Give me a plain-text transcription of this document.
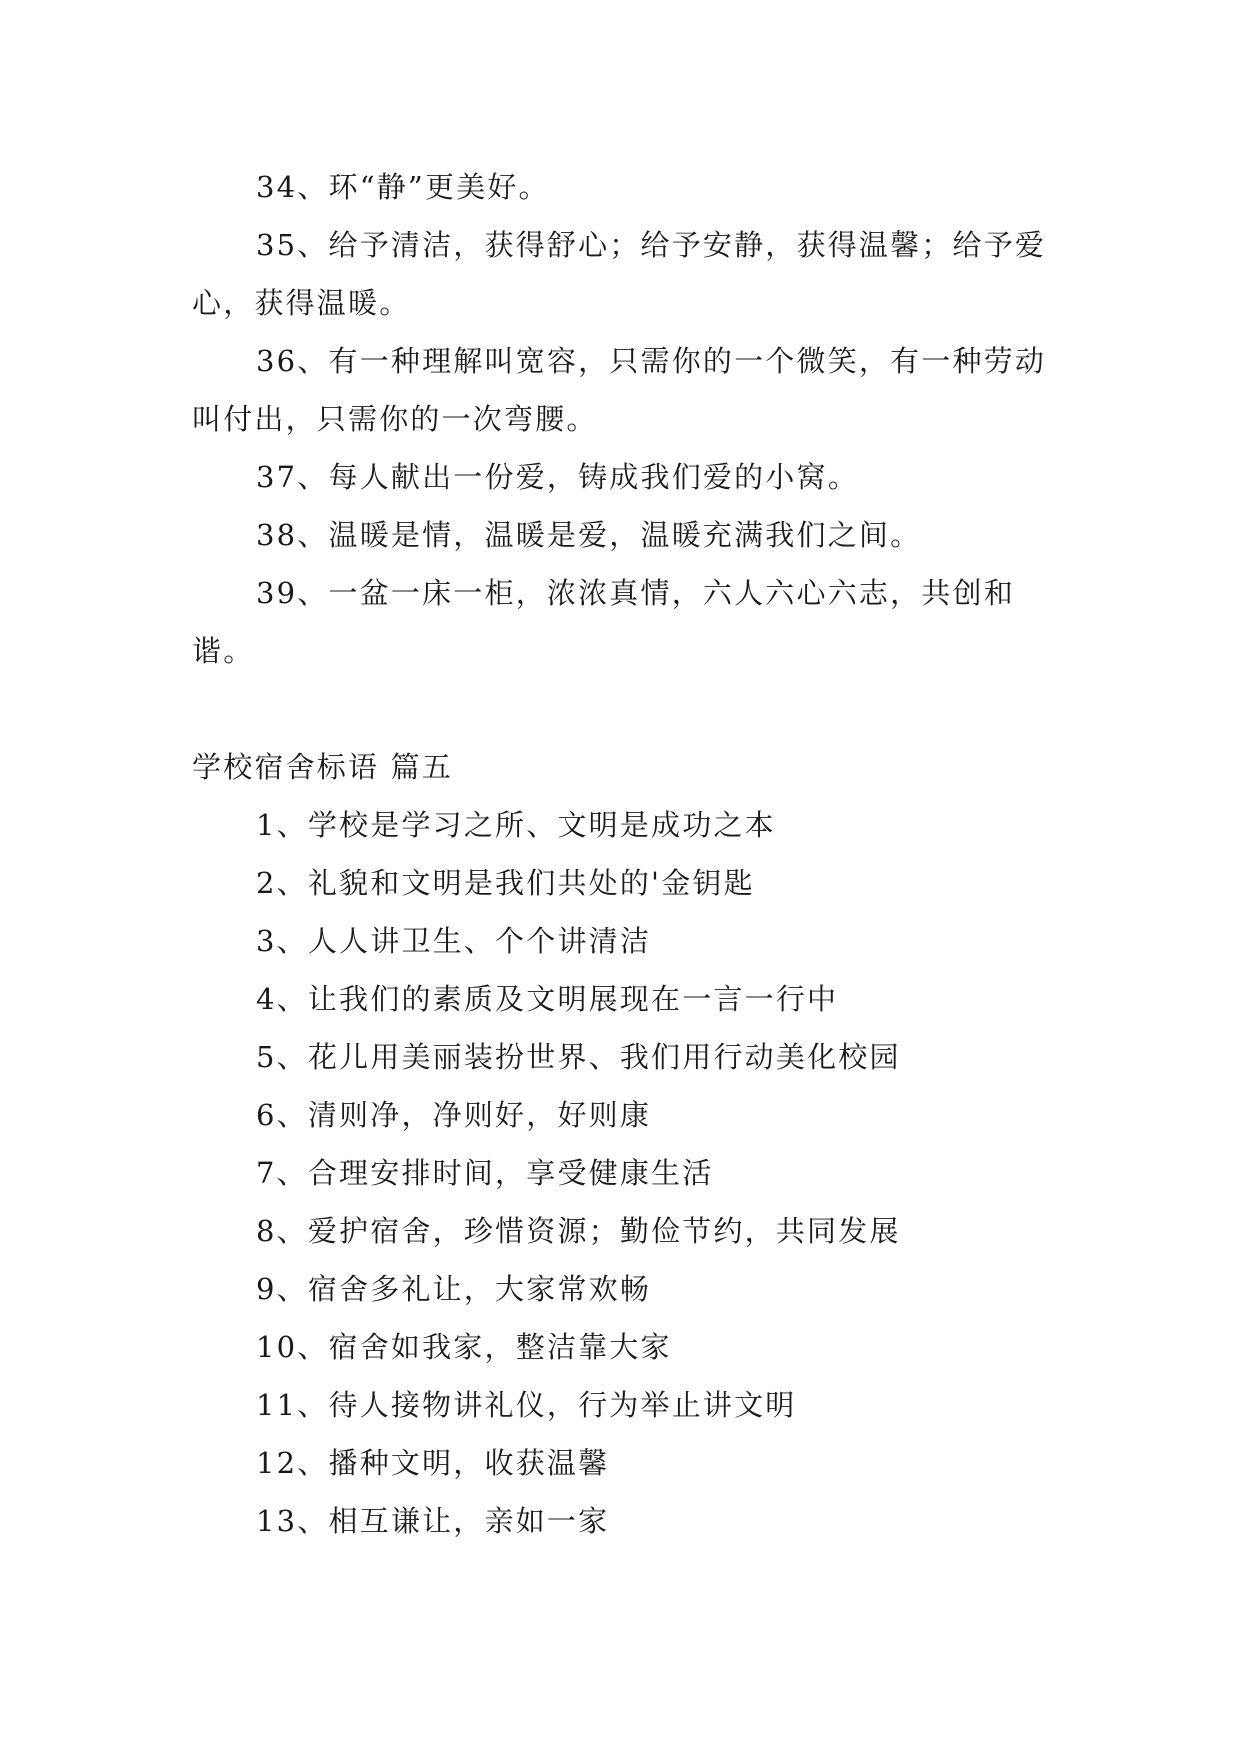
34、环“静”更美好。

35、给予清洁，获得舒心；给予安静，获得温馨；给予爱心，获得温暖。

36、有一种理解叫宽容，只需你的一个微笑，有一种劳动叫付出，只需你的一次弯腰。

37、每人献出一份爱，铸成我们爱的小窝。

38、温暖是情，温暖是爱，温暖充满我们之间。

39、一盆一床一柜，浓浓真情，六人六心六志，共创和谐。

学校宿舍标语 篇五

1、学校是学习之所、文明是成功之本

2、礼貌和文明是我们共处的'金钥匙

3、人人讲卫生、个个讲清洁

4、让我们的素质及文明展现在一言一行中

5、花儿用美丽装扮世界、我们用行动美化校园

6、清则净，净则好，好则康

7、合理安排时间，享受健康生活

8、爱护宿舍，珍惜资源；勤俭节约，共同发展

9、宿舍多礼让，大家常欢畅

10、宿舍如我家，整洁靠大家

11、待人接物讲礼仪，行为举止讲文明

12、播种文明，收获温馨

13、相互谦让，亲如一家
